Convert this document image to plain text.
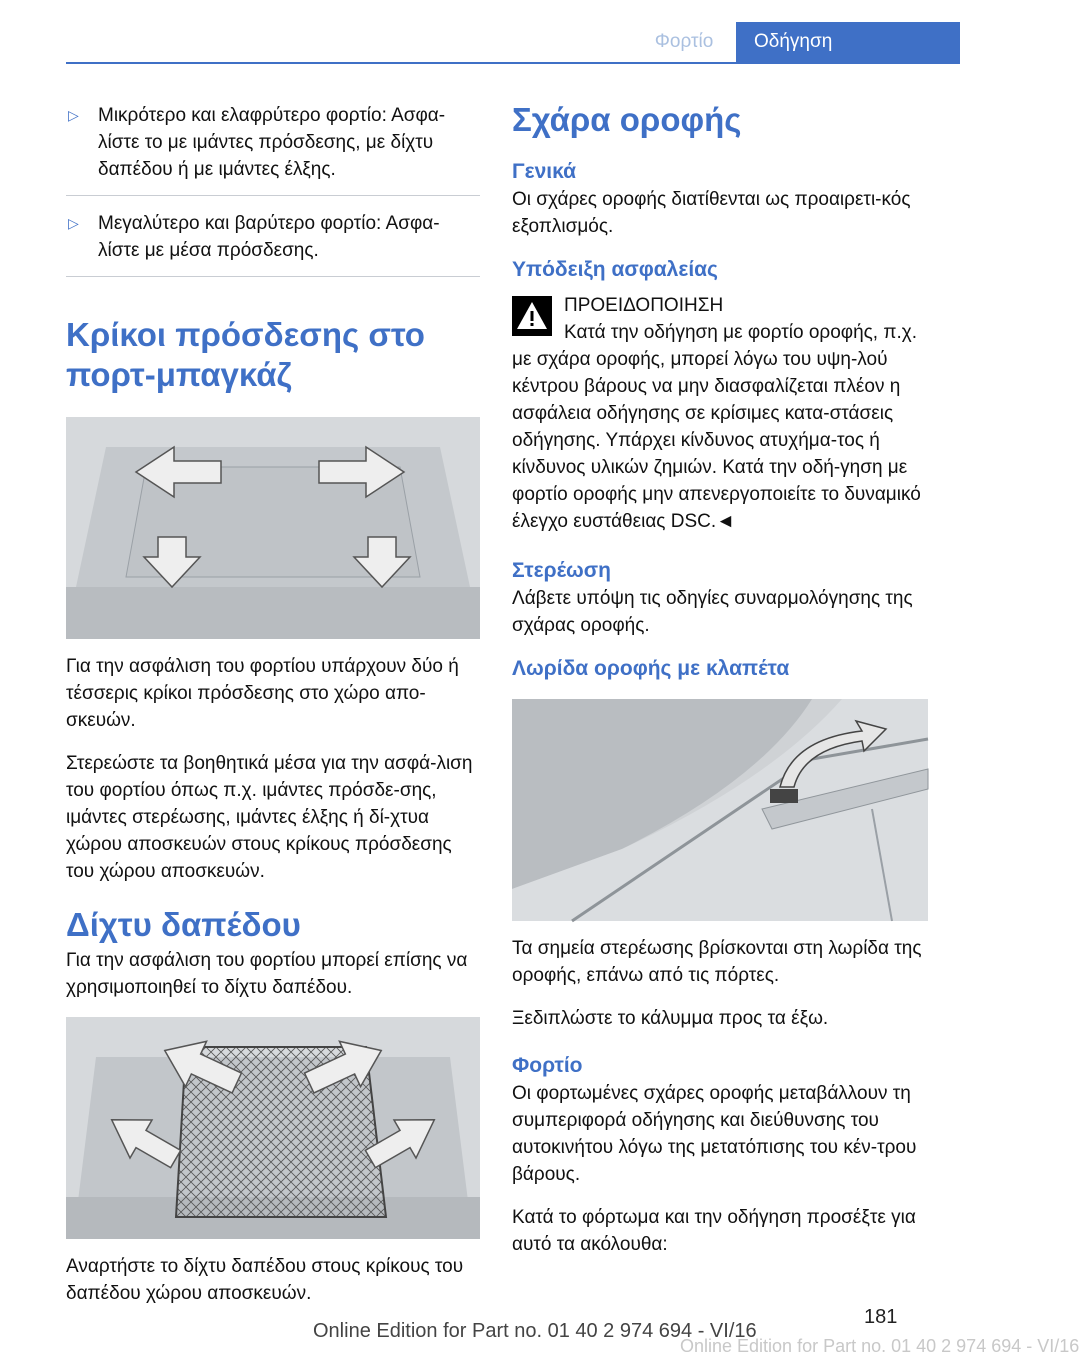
Φορτίο	Οδήγηση
▷	Μικρότερο και ελαφρύτερο φορτίο: Ασφα-λίστε το με ιμάντες πρόσδεσης, με δίχτυ δαπέδου ή με ιμάντες έλξης.
▷	Μεγαλύτερο και βαρύτερο φορτίο: Ασφα-λίστε με μέσα πρόσδεσης.
Κρίκοι πρόσδεσης στο πορτ-μπαγκάζ

Για την ασφάλιση του φορτίου υπάρχουν δύο ή τέσσερις κρίκοι πρόσδεσης στο χώρο απο-σκευών.

Στερεώστε τα βοηθητικά μέσα για την ασφά-λιση του φορτίου όπως π.χ. ιμάντες πρόσδε-σης, ιμάντες στερέωσης, ιμάντες έλξης ή δί-χτυα χώρου αποσκευών στους κρίκους πρόσδεσης του χώρου αποσκευών.

Δίχτυ δαπέδου

Για την ασφάλιση του φορτίου μπορεί επίσης να χρησιμοποιηθεί το δίχτυ δαπέδου.

Αναρτήστε το δίχτυ δαπέδου στους κρίκους του δαπέδου χώρου αποσκευών.

Σχάρα οροφής
Γενικά

Οι σχάρες οροφής διατίθενται ως προαιρετι-κός εξοπλισμός.

Υπόδειξη ασφαλείας

ΠΡΟΕΙΔΟΠΟΙΗΣΗ

Κατά την οδήγηση με φορτίο οροφής, π.χ. με σχάρα οροφής, μπορεί λόγω του υψη-λού κέντρου βάρους να μην διασφαλίζεται πλέον η ασφάλεια οδήγησης σε κρίσιμες κατα-στάσεις οδήγησης. Υπάρχει κίνδυνος ατυχήμα-τος ή κίνδυνος υλικών ζημιών. Κατά την οδή-γηση με φορτίο οροφής μην απενεργοποιείτε το δυναμικό έλεγχο ευστάθειας DSC.◄

Στερέωση

Λάβετε υπόψη τις οδηγίες συναρμολόγησης της σχάρας οροφής.

Λωρίδα οροφής με κλαπέτα

Τα σημεία στερέωσης βρίσκονται στη λωρίδα της οροφής, επάνω από τις πόρτες.

Ξεδιπλώστε το κάλυμμα προς τα έξω.

Φορτίο

Οι φορτωμένες σχάρες οροφής μεταβάλλουν τη συμπεριφορά οδήγησης και διεύθυνσης του αυτοκινήτου λόγω της μετατόπισης του κέν-τρου βάρους.

Κατά το φόρτωμα και την οδήγηση προσέξτε για αυτό τα ακόλουθα:

181
Online Edition for Part no. 01 40 2 974 694 - VI/16
Online Edition for Part no. 01 40 2 974 694 - VI/16
